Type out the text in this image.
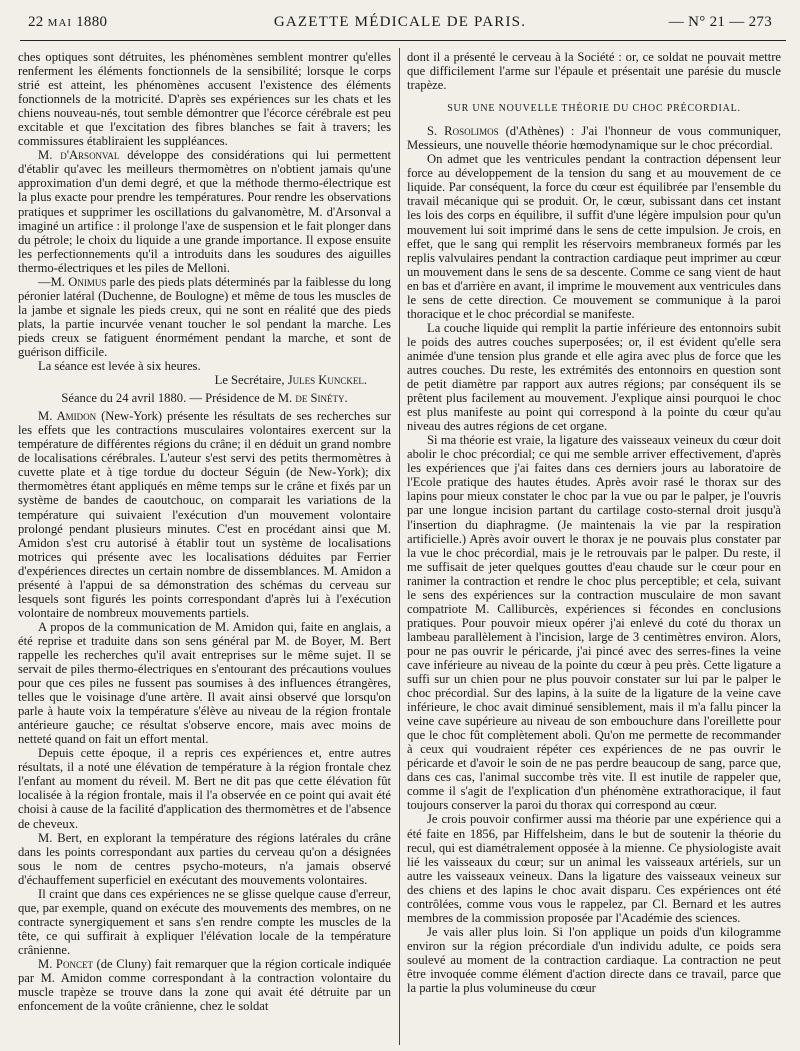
22 MAI 1880	GAZETTE MÉDICALE DE PARIS.	— N° 21 — 273

ches optiques sont détruites, les phénomènes semblent montrer qu'elles renferment les éléments fonctionnels de la sensibilité; lorsque le corps strié est atteint, les phénomènes accusent l'existence des éléments fonctionnels de la motricité. D'après ses expériences sur les chats et les chiens nouveau-nés, tout semble démontrer que l'écorce cérébrale est peu excitable et que l'excitation des fibres blanches se fait à travers; les commissures établiraient les suppléances.

M. d'Arsonval développe des considérations qui lui permettent d'établir qu'avec les meilleurs thermomètres on n'obtient jamais qu'une approximation d'un demi degré, et que la méthode thermo-électrique est la plus exacte pour prendre les températures. Pour rendre les observations pratiques et supprimer les oscillations du galvanomètre, M. d'Arsonval a imaginé un artifice : il prolonge l'axe de suspension et le fait plonger dans du pétrole; le choix du liquide a une grande importance. Il expose ensuite les perfectionnements qu'il a introduits dans les soudures des aiguilles thermo-électriques et les piles de Melloni.

—M. Onimus parle des pieds plats déterminés par la faiblesse du long péronier latéral (Duchenne, de Boulogne) et même de tous les muscles de la jambe et signale les pieds creux, qui ne sont en réalité que des pieds plats, la partie incurvée venant toucher le sol pendant la marche. Les pieds creux se fatiguent énormément pendant la marche, et sont de guérison difficile.

La séance est levée à six heures.

Le Secrétaire, Jules Kunckel.

Séance du 24 avril 1880. — Présidence de M. de Sinéty.

M. Amidon (New-York) présente les résultats de ses recherches sur les effets que les contractions musculaires volontaires exercent sur la température de différentes régions du crâne; il en déduit un grand nombre de localisations cérébrales. L'auteur s'est servi des petits thermomètres à cuvette plate et à tige tordue du docteur Séguin (de New-York); dix thermomètres étant appliqués en même temps sur le crâne et fixés par un système de bandes de caoutchouc, on comparait les variations de la température qui suivaient l'exécution d'un mouvement volontaire prolongé pendant plusieurs minutes. C'est en procédant ainsi que M. Amidon s'est cru autorisé à établir tout un système de localisations motrices qui présente avec les localisations déduites par Ferrier d'expériences directes un certain nombre de dissemblances. M. Amidon a présenté à l'appui de sa démonstration des schémas du cerveau sur lesquels sont figurés les points correspondant d'après lui à l'exécution volontaire de nombreux mouvements partiels.

A propos de la communication de M. Amidon qui, faite en anglais, a été reprise et traduite dans son sens général par M. de Boyer, M. Bert rappelle les recherches qu'il avait entreprises sur le même sujet. Il se servait de piles thermo-électriques en s'entourant des précautions voulues pour que ces piles ne fussent pas soumises à des influences étrangères, telles que le voisinage d'une artère. Il avait ainsi observé que lorsqu'on parle à haute voix la température s'élève au niveau de la région frontale antérieure gauche; ce résultat s'observe encore, mais avec moins de netteté quand on fait un effort mental.

Depuis cette époque, il a repris ces expériences et, entre autres résultats, il a noté une élévation de température à la région frontale chez l'enfant au moment du réveil. M. Bert ne dit pas que cette élévation fût localisée à la région frontale, mais il l'a observée en ce point qui avait été choisi à cause de la facilité d'application des thermomètres et de l'absence de cheveux.

M. Bert, en explorant la température des régions latérales du crâne dans les points correspondant aux parties du cerveau qu'on a désignées sous le nom de centres psycho-moteurs, n'a jamais observé d'échauffement superficiel en exécutant des mouvements volontaires.

Il craint que dans ces expériences ne se glisse quelque cause d'erreur, que, par exemple, quand on exécute des mouvements des membres, on ne contracte synergiquement et sans s'en rendre compte les muscles de la tête, ce qui suffirait à expliquer l'élévation locale de la température crânienne.

M. Poncet (de Cluny) fait remarquer que la région corticale indiquée par M. Amidon comme correspondant à la contraction volontaire du muscle trapèze se trouve dans la zone qui avait été détruite par un enfoncement de la voûte crânienne, chez le soldat

dont il a présenté le cerveau à la Société : or, ce soldat ne pouvait mettre que difficilement l'arme sur l'épaule et présentait une parésie du muscle trapèze.

SUR UNE NOUVELLE THÉORIE DU CHOC PRÉCORDIAL.

S. Rosolimos (d'Athènes) : J'ai l'honneur de vous communiquer, Messieurs, une nouvelle théorie hœmodynamique sur le choc précordial.

On admet que les ventricules pendant la contraction dépensent leur force au développement de la tension du sang et au mouvement de ce liquide. Par conséquent, la force du cœur est équilibrée par l'ensemble du travail mécanique qui se produit. Or, le cœur, subissant dans cet instant les lois des corps en équilibre, il suffit d'une légère impulsion pour qu'un mouvement lui soit imprimé dans le sens de cette impulsion. Je crois, en effet, que le sang qui remplit les réservoirs membraneux formés par les replis valvulaires pendant la contraction cardiaque peut imprimer au cœur un mouvement dans le sens de sa descente. Comme ce sang vient de haut en bas et d'arrière en avant, il imprime le mouvement aux ventricules dans le sens de cette direction. Ce mouvement se communique à la paroi thoracique et le choc précordial se manifeste.

La couche liquide qui remplit la partie inférieure des entonnoirs subit le poids des autres couches superposées; or, il est évident qu'elle sera animée d'une tension plus grande et elle agira avec plus de force que les autres couches. Du reste, les extrémités des entonnoirs en question sont de petit diamètre par rapport aux autres régions; par conséquent ils se prêtent plus facilement au mouvement. J'explique ainsi pourquoi le choc est plus manifeste au point qui correspond à la pointe du cœur qu'au niveau des autres régions de cet organe.

Si ma théorie est vraie, la ligature des vaisseaux veineux du cœur doit abolir le choc précordial; ce qui me semble arriver effectivement, d'après les expériences que j'ai faites dans ces derniers jours au laboratoire de l'Ecole pratique des hautes études. Après avoir rasé le thorax sur des lapins pour mieux constater le choc par la vue ou par le palper, je l'ouvris par une longue incision partant du cartilage costo-sternal droit jusqu'à l'insertion du diaphragme. (Je maintenais la vie par la respiration artificielle.) Après avoir ouvert le thorax je ne pouvais plus constater par la vue le choc précordial, mais je le retrouvais par le palper. Du reste, il me suffisait de jeter quelques gouttes d'eau chaude sur le cœur pour en ranimer la contraction et rendre le choc plus perceptible; et cela, suivant le sens des expériences sur la contraction musculaire de mon savant compatriote M. Calliburcès, expériences si fécondes en conclusions pratiques. Pour pouvoir mieux opérer j'ai enlevé du coté du thorax un lambeau parallèlement à l'incision, large de 3 centimètres environ. Alors, pour ne pas ouvrir le péricarde, j'ai pincé avec des serres-fines la veine cave inférieure au niveau de la pointe du cœur à peu près. Cette ligature a suffi sur un chien pour ne plus pouvoir constater sur lui par le palper le choc précordial. Sur des lapins, à la suite de la ligature de la veine cave inférieure, le choc avait diminué sensiblement, mais il m'a fallu pincer la veine cave supérieure au niveau de son embouchure dans l'oreillette pour que le choc fût complètement aboli. Qu'on me permette de recommander à ceux qui voudraient répéter ces expériences de ne pas ouvrir le péricarde et d'avoir le soin de ne pas perdre beaucoup de sang, parce que, dans ces cas, l'animal succombe très vite. Il est inutile de rappeler que, comme il s'agit de l'explication d'un phénomène extrathoracique, il faut toujours conserver la paroi du thorax qui correspond au cœur.

Je crois pouvoir confirmer aussi ma théorie par une expérience qui a été faite en 1856, par Hiffelsheim, dans le but de soutenir la théorie du recul, qui est diamétralement opposée à la mienne. Ce physiologiste avait lié les vaisseaux du cœur; sur un animal les vaisseaux artériels, sur un autre les vaisseaux veineux. Dans la ligature des vaisseaux veineux sur des chiens et des lapins le choc avait disparu. Ces expériences ont été contrôlées, comme vous vous le rappelez, par Cl. Bernard et les autres membres de la commission proposée par l'Académie des sciences.

Je vais aller plus loin. Si l'on applique un poids d'un kilogramme environ sur la région précordiale d'un individu adulte, ce poids sera soulevé au moment de la contraction cardiaque. La contraction ne peut être invoquée comme élément d'action directe dans ce travail, parce que la partie la plus volumineuse du cœur
